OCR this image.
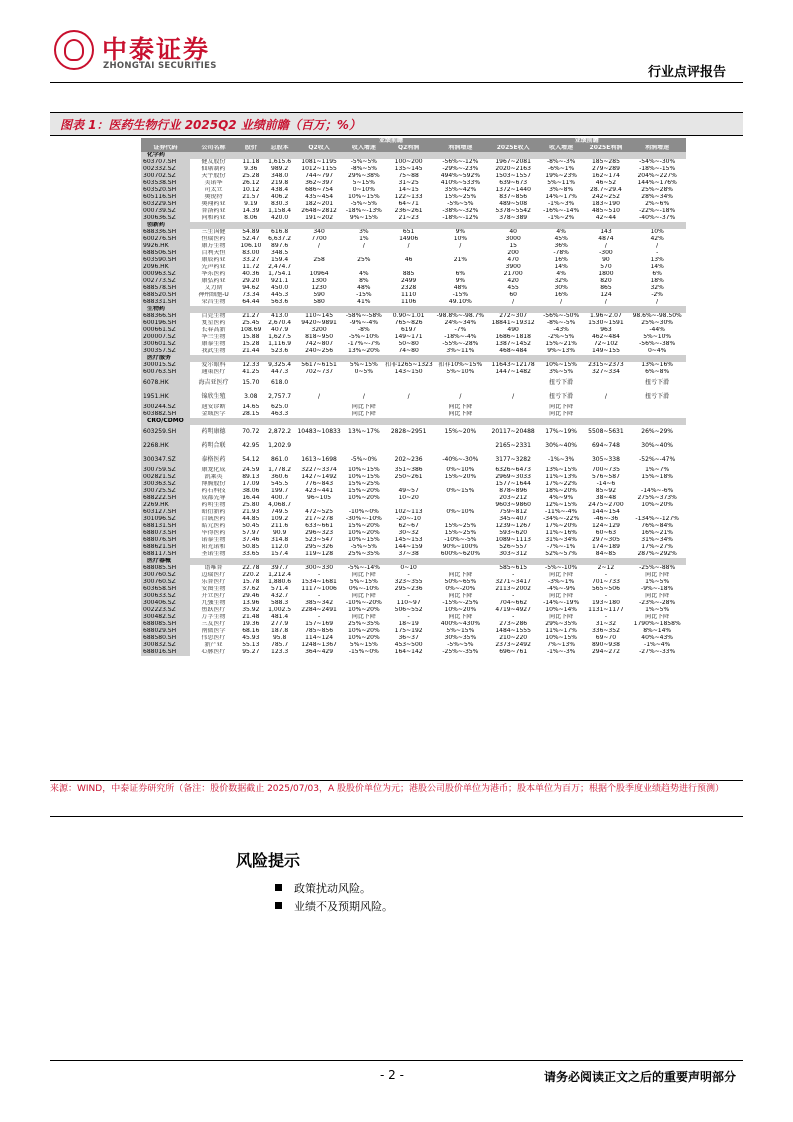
中泰证券
ZHONGTAI SECURITIES	行业点评报告
图表 1：医药生物行业 2025Q2 业绩前瞻（百万；%）
				业绩前瞻				业绩前瞻			
证券代码	公司名称	股价	总股本	Q2收入	收入增速	Q2利润	利润增速	2025E收入	收入增速	2025E利润	利润增速
化学药											
603707.SH	健友股份	11.18	1,615.6	1081~1195	-5%~5%	100~200	-56%~-12%	1967~2081	-8%~-3%	185~285	-54%~-30%
002332.SZ	仙琚制药	9.36	989.2	1012~1155	-8%~5%	135~145	-29%~-23%	2020~2163	-6%~1%	279~289	-18%~-15%
300702.SZ	天宇股份	25.28	348.0	744~797	29%~38%	75~88	494%~592%	1503~1557	19%~23%	162~174	204%~227%
603538.SH	美诺华	26.12	219.8	362~397	5~15%	31~25	410%~533%	639~673	5%~11%	46~52	144%~176%
603520.SH	司太立	10.12	438.4	686~754	0~10%	14~15	35%~42%	1372~1440	3%~8%	28.7~29.4	25%~28%
605116.SH	奥锐特	21.57	406.2	435~454	10%~15%	122~133	15%~25%	837~856	14%~17%	242~252	28%~34%
603229.SH	奥翔药业	9.19	830.3	182~201	-5%~5%	64~71	-5%~5%	489~508	-1%~3%	183~190	2%~6%
000739.SZ	普洛药业	14.39	1,158.4	2648~2812	-18%~-13%	236~261	-38%~-32%	5378~5542	-16%~-14%	485~510	-22%~-18%
300636.SZ	同和药业	8.06	420.0	191~202	9%~15%	21~23	-18%~-12%	378~389	-1%~2%	42~44	-40%~-37%
创新药											
688336.SH	三生国健	54.89	616.8	340	3%	651	9%	40	4%	143	10%
600276.SH	恒瑞医药	52.47	6,637.2	7700	1%	14906	10%	3000	45%	4874	42%
9926.HK	康方生物	106.10	897.6	/	/	/	/	15	36%	/	/
688506.SH	百利天恒	83.00	348.5					200	-78%	-300	-
603590.SH	康辰药业	33.27	159.4	258	25%	46	21%	470	16%	90	13%
2096.HK	先声药业	11.72	2,474.7					3900	14%	570	14%
000963.SZ	华东医药	40.36	1,754.1	10964	4%	885	6%	21700	4%	1800	6%
002773.SZ	康弘药业	29.20	921.1	1300	8%	2499	9%	420	32%	820	18%
688578.SH	艾力斯	94.62	450.0	1230	48%	2328	48%	455	30%	865	32%
688520.SH	神州细胞-U	73.34	445.3	590	-15%	1110	-15%	60	16%	124	-2%
688331.SH	荣昌生物	64.44	563.6	580	41%	1106	49.10%	/	/	/	/
生物药											
688366.SH	百克生物	21.27	413.0	110~145	-58%~-58%	0.90~1.01	-98.8%~-98.7%	272~307	-56%~-50%	1.96~2.07	98.6%~-98.50%
600196.SH	复星医药	25.45	2,670.4	9420~9891	-9%~-4%	765~826	24%~34%	18841~19312	-8%~-5%	1530~1591	25%~30%
000661.SZ	长春高新	108.69	407.9	3200	-8%	6197	-7%	490	-43%	963	-44%
200007.SZ	华兰生物	15.88	1,627.5	818~950	-5%~10%	149~171	-18%~-4%	1686~1818	-2%~5%	462~484	5%~10%
300601.SZ	康泰生物	15.28	1,116.9	742~807	-17%~-7%	50~80	-55%~-28%	1387~1452	15%~21%	72~102	-56%~-38%
300357.SZ	我武生物	21.44	523.6	240~256	13%~20%	74~80	3%~11%	468~484	9%~13%	149~155	0~4%
医疗服务											
300015.SZ	爱尔眼科	12.33	9,325.4	5617~6151	5%~15%	扣非1265~1323	扣非10%~15%	11643~12178	10%~15%	2315~2373	13%~16%
600763.SH	通策医疗	41.25	447.3	702~737	0~5%	143~150	5%~10%	1447~1482	3%~5%	327~334	6%~8%
6078.HK	海吉亚医疗	15.70	618.0						扭亏下滑		扭亏下滑
1951.HK	锦欣生殖	3.08	2,757.7	/	/	/	/	/	扭亏下滑	/	扭亏下滑
300244.SZ	迪安诊断	14.65	625.0		同比下降		同比下降		同比下降		
603882.SH	金域医学	28.15	463.3		同比下降		同比下降		同比下降		
CRO/CDMO											
603259.SH	药明康德	70.72	2,872.2	10483~10833	13%~17%	2828~2951	15%~20%	20117~20488	17%~19%	5508~5631	26%~29%
2268.HK	药明合联	42.95	1,202.9					2165~2331	30%~40%	694~748	30%~40%
300347.SZ	泰格医药	54.12	861.0	1613~1698	-5%~0%	202~236	-40%~-30%	3177~3282	-1%~3%	305~338	-52%~-47%
300759.SZ	康龙化成	24.59	1,778.2	3227~3374	10%~15%	351~386	0%~10%	6326~6473	13%~15%	700~735	1%~7%
002821.SZ	凯莱英	89.13	360.6	1427~1492	10%~15%	250~261	15%~20%	2969~3033	11%~13%	576~587	15%~18%
300363.SZ	博腾股份	17.09	545.5	776~843	15%~25%			1577~1644	17%~22%	-14~6	
300725.SZ	药石科技	38.06	199.7	423~441	15%~20%	49~57	0%~15%	878~896	18%~20%	85~92	-14%~-6%
688222.SH	成都先导	16.44	400.7	96~105	10%~20%	10~20		203~212	4%~9%	38~48	275%~373%
2269.HK	药明生物	25.80	4,068.7					9603~9860	12%~15%	2475~2700	10%~20%
603127.SH	昭衍新药	21.93	749.5	472~525	-10%~0%	102~113	0%~10%	759~812	-11%~-4%	144~154	
301096.SZ	百诚医药	44.85	109.2	217~278	-30%~-10%	-20~-10		345~407	-34%~-22%	-46~-36	-134%~-127%
688131.SH	皓元医药	50.45	211.6	633~661	15%~20%	62~67	15%~25%	1239~1267	17%~20%	124~129	76%~84%
688073.SH	毕得医药	57.97	90.9	296~323	10%~20%	30~32	15%~25%	593~620	11%~16%	60~63	16%~21%
688076.SH	诺泰生物	37.46	314.8	523~547	10%~15%	145~153	-10%~-5%	1089~1113	31%~34%	297~305	31%~34%
688621.SH	阳光诺和	50.85	112.0	295~326	-5%~5%	144~159	90%~100%	526~557	-7%~-1%	174~189	17%~27%
688117.SH	圣诺生物	33.65	157.4	119~128	25%~35%	37~38	600%~620%	303~312	52%~57%	84~85	287%~292%
医疗器械											
688085.SH	谱唯普	22.78	397.7	300~330	-5%~-14%	0~10		585~615	-5%~-10%	2~12	-25%~-88%
300760.SZ	迈瑞医疗	220.2	1,212.4	-	同比下降	-	同比下降	-	同比下降	-	同比下降
300760.SZ	乐普医疗	15.78	1,880.6	1534~1681	5%~15%	323~355	50%~65%	3271~3417	-3%~1%	701~733	1%~5%
603658.SH	安图生物	37.62	571.4	1117~1006	0%~-10%	295~236	0%~-20%	2113~2002	-4%~-9%	565~506	-9%~-18%
300633.SZ	开立医疗	29.46	432.7	-	同比下降	-	同比下降	-	同比下降	-	同比下降
300406.SZ	九强生物	13.96	588.3	385~342	-10%~-20%	110~97	-15%~-25%	704~662	-14%~-19%	193~180	-23%~-28%
002223.SZ	鱼跃医疗	35.92	1,002.5	2284~2491	10%~20%	506~552	10%~20%	4719~4927	10%~14%	1131~1177	1%~5%
300482.SZ	万孚生物	21.48	481.4	-	同比下降	-	同比下降	-	同比下降	-	同比下降
688085.SH	三友医疗	19.36	277.9	157~169	25%~35%	18~19	400%~430%	273~286	29%~35%	31~32	1790%~1858%
688029.SH	南微医学	68.16	187.8	785~856	10%~20%	175~192	5%~15%	1484~1555	11%~17%	336~352	8%~14%
688580.SH	伟思医疗	45.93	95.8	114~124	10%~20%	36~37	30%~35%	210~220	10%~15%	69~70	40%~43%
300832.SZ	新产业	55.13	785.7	1248~1367	5%~15%	453~500	-5%~5%	2373~2492	7%~13%	890~938	-1%~4%
688016.SH	心脉医疗	95.27	123.3	364~429	-15%~0%	164~142	-25%~-35%	696~761	-1%~-3%	294~272	-27%~-33%
来源：WIND，中泰证券研究所（备注：股价数据截止 2025/07/03，A 股股价单位为元；港股公司股价单位为港币；股本单位为百万；根据个股季度业绩趋势进行预测）
风险提示
政策扰动风险。
业绩不及预期风险。
- 2 -	请务必阅读正文之后的重要声明部分
